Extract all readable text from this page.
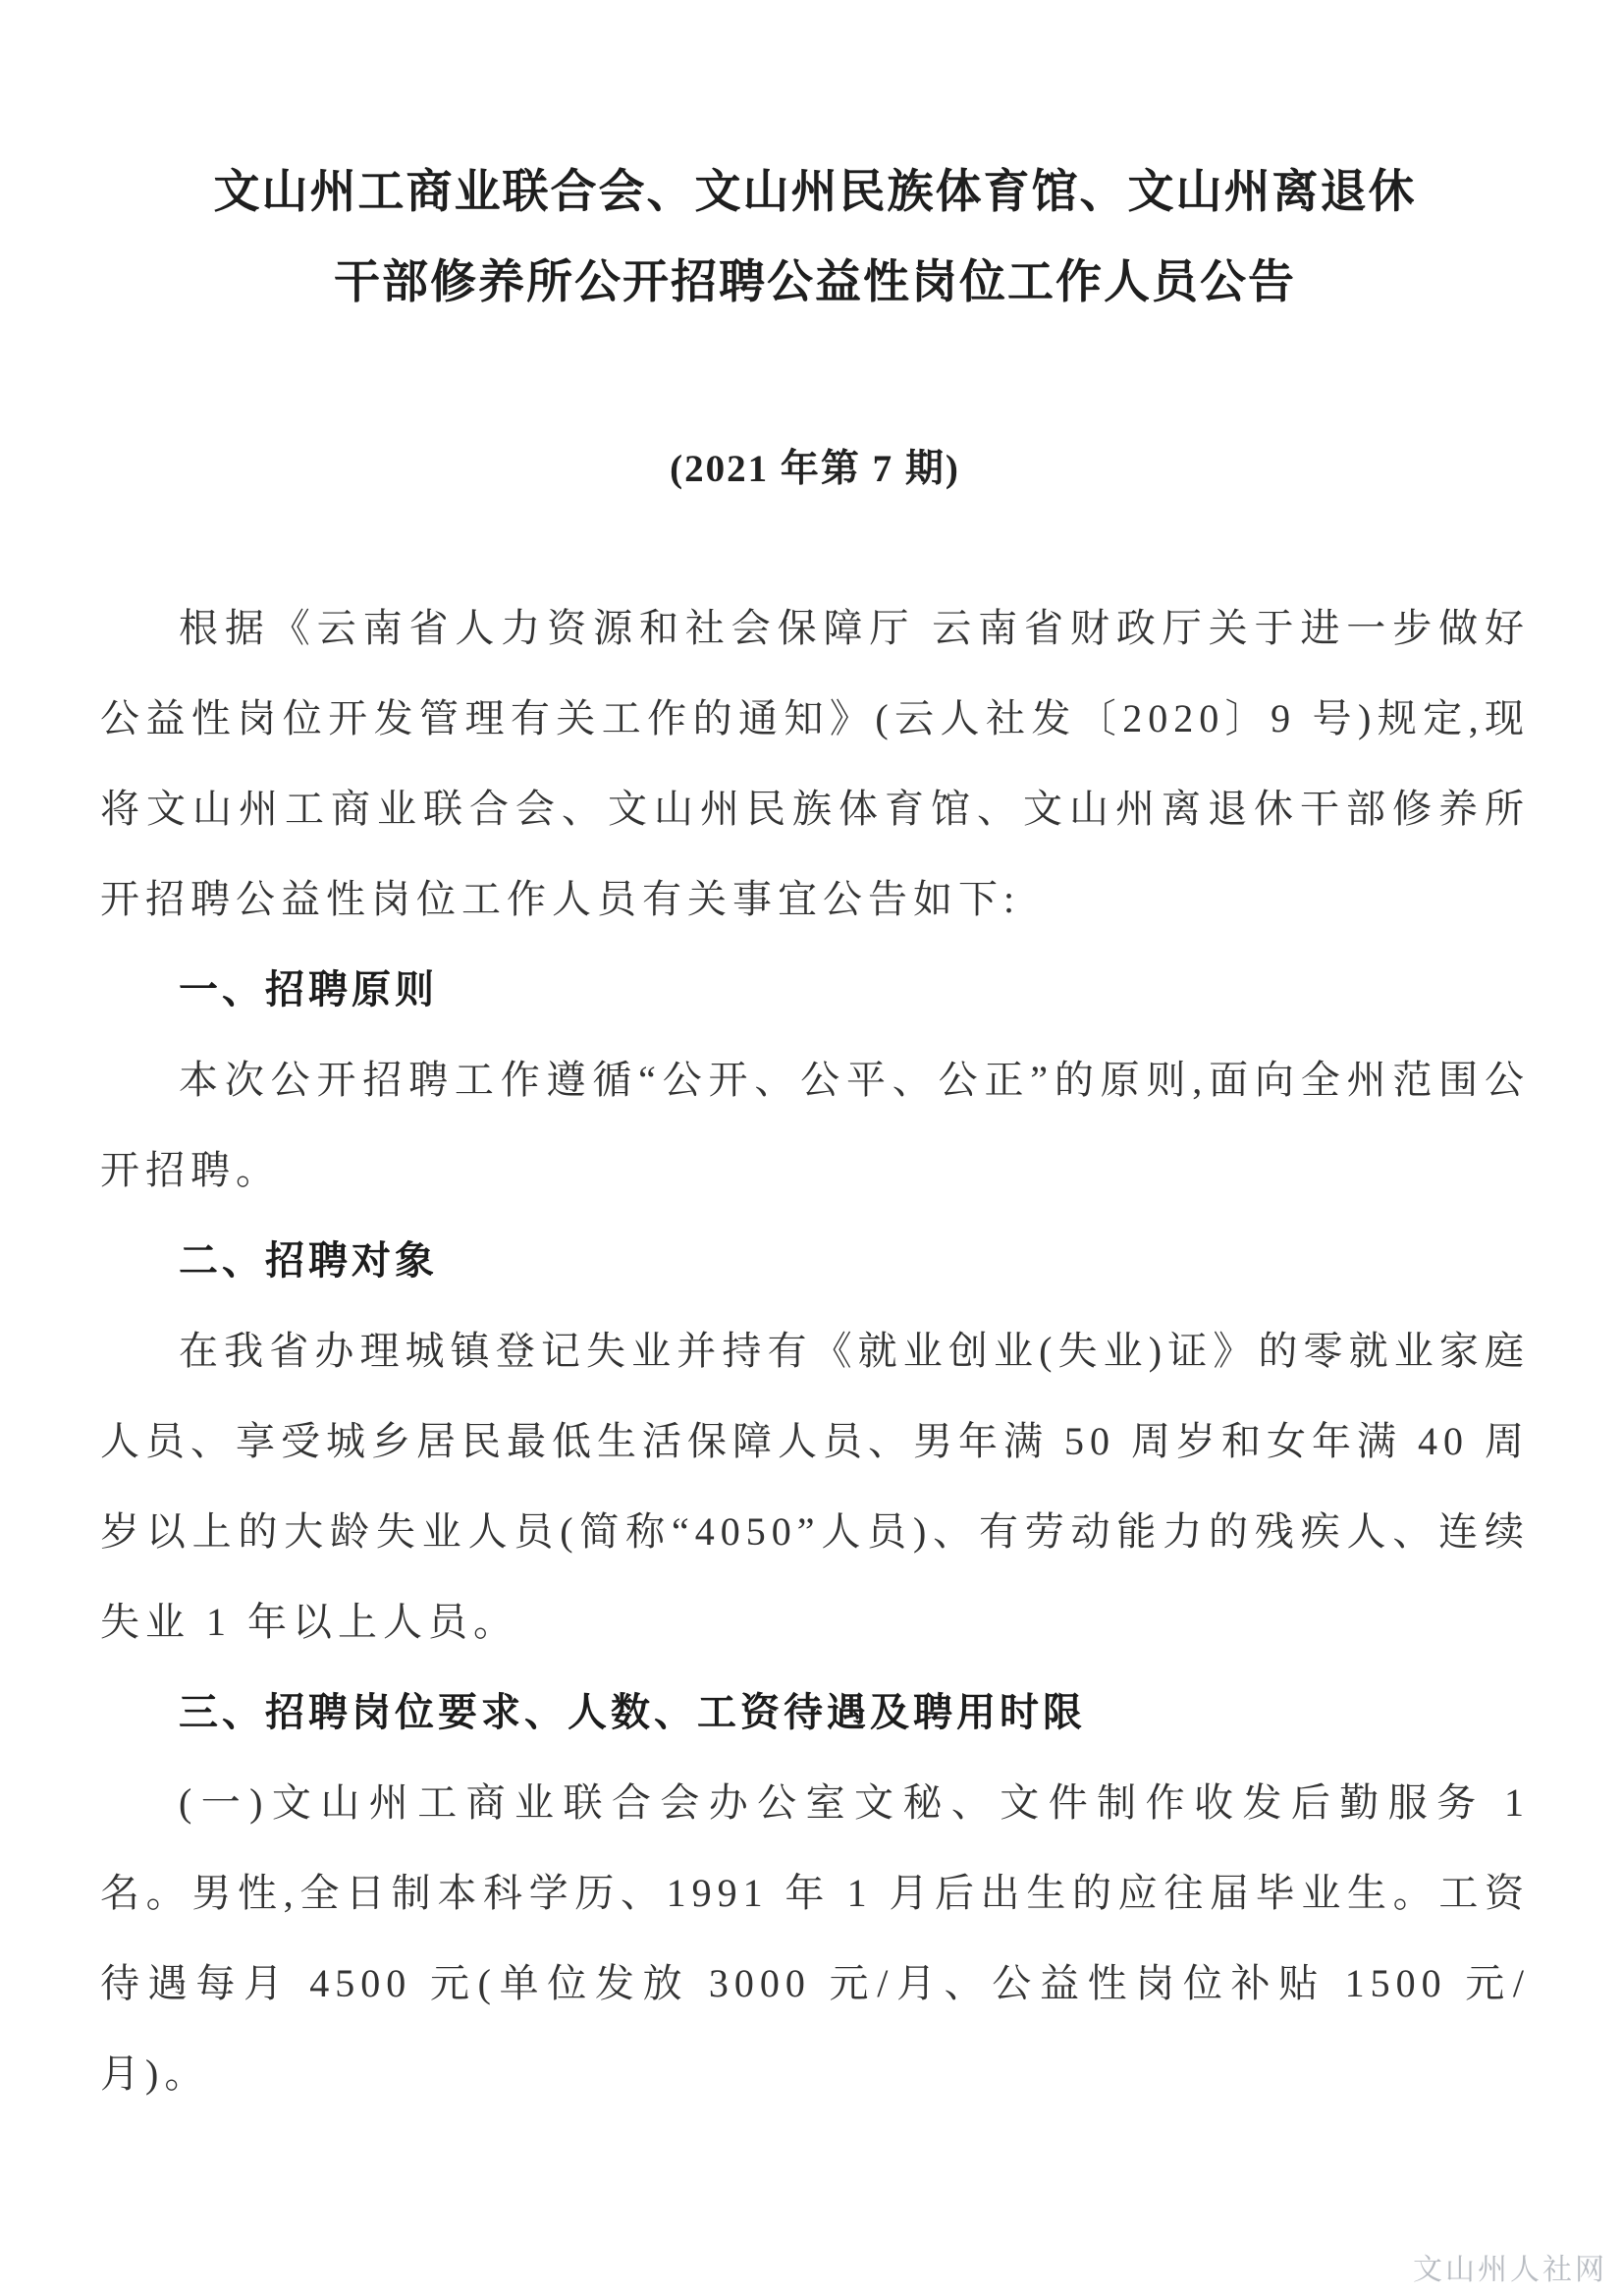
文山州工商业联合会、文山州民族体育馆、文山州离退休
干部修养所公开招聘公益性岗位工作人员公告
(2021 年第 7 期)

根据《云南省人力资源和社会保障厅 云南省财政厅关于进一步做好公益性岗位开发管理有关工作的通知》(云人社发〔2020〕9 号)规定,现将文山州工商业联合会、文山州民族体育馆、文山州离退休干部修养所开招聘公益性岗位工作人员有关事宜公告如下:

一、招聘原则

本次公开招聘工作遵循“公开、公平、公正”的原则,面向全州范围公开招聘。

二、招聘对象

在我省办理城镇登记失业并持有《就业创业(失业)证》的零就业家庭人员、享受城乡居民最低生活保障人员、男年满 50 周岁和女年满 40 周岁以上的大龄失业人员(简称“4050”人员)、有劳动能力的残疾人、连续失业 1 年以上人员。

三、招聘岗位要求、人数、工资待遇及聘用时限

(一)文山州工商业联合会办公室文秘、文件制作收发后勤服务 1 名。男性,全日制本科学历、1991 年 1 月后出生的应往届毕业生。工资待遇每月 4500 元(单位发放 3000 元/月、公益性岗位补贴 1500 元/月)。

文山州人社网
